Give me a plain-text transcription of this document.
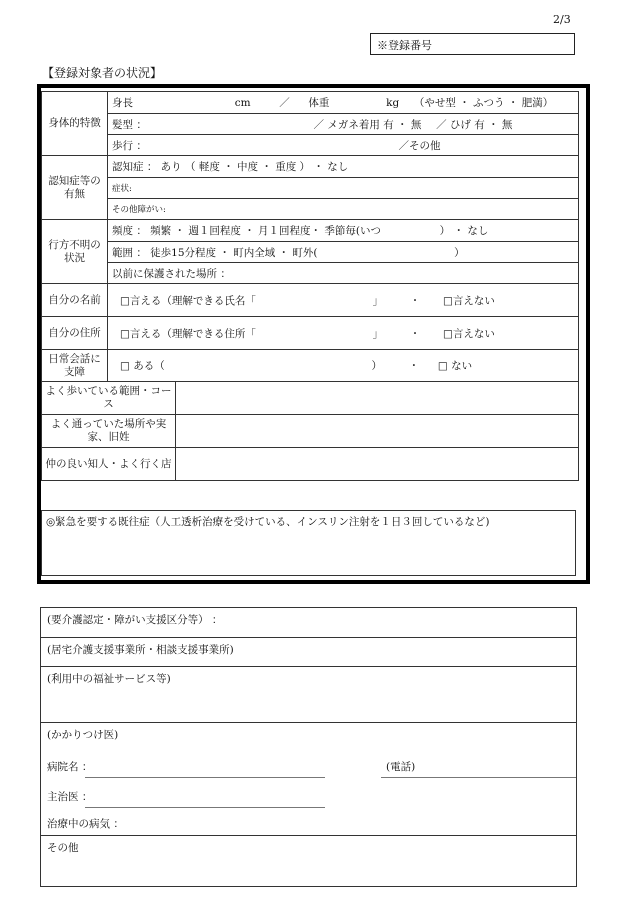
2/3
※登録番号
【登録対象者の状況】
身体的特徴	身長 cm ／ 体重 kg （やせ型 ・ ふつう ・ 肥満）	
	髪型 ： ／ メガネ着用 有 ・ 無 ／ ひげ 有 ・ 無	
	歩行 ： ／その他	
認知症等の有無	認知症 ： あり （ 軽度 ・ 中度 ・ 重度 ） ・ なし	
	症状:	
	その他障がい:	
行方不明の状況	頻度 ： 頻繁 ・ 週１回程度 ・ 月１回程度・ 季節毎(いつ ） ・ なし	
	範囲 ： 徒歩15分程度 ・ 町内全域 ・ 町外( ）	
	以前に保護された場所 ：	
自分の名前	□言える（理解できる氏名「 」 ・ □言えない	
自分の住所	□言える（理解できる住所「 」 ・ □言えない	
日常会話に支障	□ ある（ ） ・ □ ない	
よく歩いている範囲・コース		
よく通っていた場所や実家、旧姓		
仲の良い知人・よく行く店		
◎緊急を要する既往症（人工透析治療を受けている、インスリン注射を１日３回しているなど)
(要介護認定・障がい支援区分等） ：
(居宅介護支援事業所・相談支援事業所)
(利用中の福祉サービス等)
(かかりつけ医)
病院名 ：	(電話)
主治医 ：
治療中の病気 ：
その他
